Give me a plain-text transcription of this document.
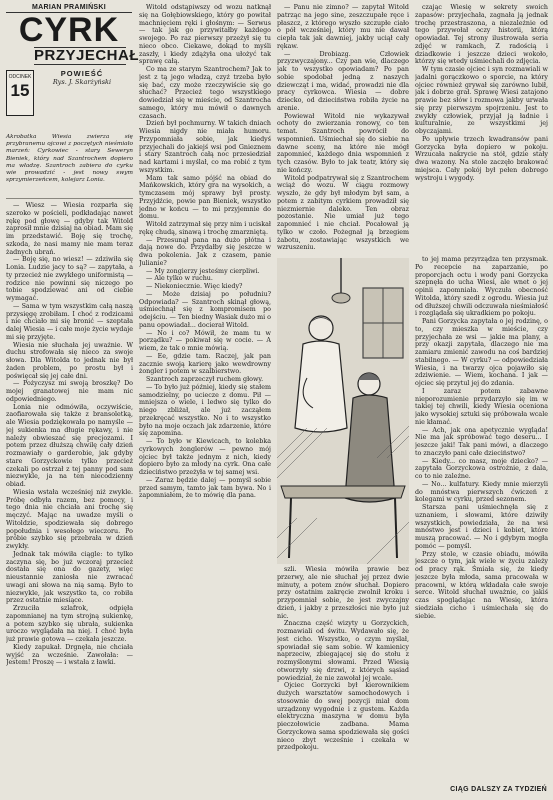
MARIAN PRAMIŃSKI
CYRK
PRZYJECHAŁ
ODCINEK
15
POWIEŚĆ
Rys. J. Skarżyński
Akrobatka Wiesia zwierza się przybranemu ojcowi z poczętych nieśmiało marzeń: Cyrkowiec - stary Seweryn Bieniek, który nad Szantrochem dopiero ma władzę. Szantroch zabiera do cyrku wie prowadzić - jest nowy swym sprzymierzeńcem, kolejarz Lonia.

— Wiesz — Wiesia rozparła się szeroko w pościeli, podkładając nawet rękę pod głowę — gdyby tak Witold zaprosił mnie dzisiaj na obiad. Mam się im przedstawić. Boję się trochę, szkoda, że nasi mamy nie mam teraz żadnych ubrań.

— Boję się, no wiesz! — zdziwiła się Lonia. Ludzie jacy to są? — zapytała, a ty przecież nie zwykłego uniformistą — rodzice nie powinni się niczego po tobie spodziewać ani od ciebie wymagać.

— Sama w tym wszystkim całą naszą przysięgę zrobiłam. I choć z rodzicami i nie chciało mi się bronić — szeptała dalej Wiesia — i całe moje życie wydaje mi się przyjęte.

Wiesia nie słuchała jej uważnie. W duchu strofowała się nieco za swoje słowa. Dla Witolda to jednak nie był żaden problem, po prostu był i poświęcał się jej całe dni.

— Pożyczysz mi swoją broszkę? Do mojej granatowej nie mam nic odpowiedniego.

Lonia nie odmówiła, oczywiście, zaofiarowała się także z bransoletką, ale Wiesia podziękowała po namyśle — jej sukienka ma długie rękawy, i nie należy obwieszać się precjozami. I potem przez dłuższą chwilę cały dzień rozmawiały o garderobie, jak gdyby stare Gorzyckowie tylko przecież czekali po ostrzał z tej panny pod sam niezwykle, ja na ten niecodzienny obiad.

Wiesia wstała wcześniej niż zwykle. Próbę odbyła razem, bez pomocy, i tego dnia nie chciała ani trochę się męczyć. Mając na uwadze myśli o Witoldzie, spodziewała się dobrego popołudnia i wesołego wieczoru. Po próbie szybko się przebrała w dzień zwykły.

Jednak tak mówiła ciągle: to tylko zaczyna się, bo już wczoraj przecież dostała się ona do gazety, więc nieustannie zaniosła nie zwracać uwagi ani słowa na nią samą. Było to niezwykle, jak wszystko ta, co robiła przez ostatnie miesiące.

Zrzuciła szlafrok, odpięła zapomnianej na tym strojną sukienkę, a potem szybko się ubrała, sukienka uroczo wyglądała na niej. I choć była już prawie gotowa — czekała jeszcze.

Kiedy zapukał. Drgnęła, nie chciała wyjść za wcześnie. Zawołała: — Jestem! Proszę — i wstała z ławki.

Witold odstąpiwszy od wozu natknął się na Gołębiowskiego, który go powitał machnięciem ręki i głośnym: — Serwus — tak jak go przywitałby każdego swojego. Po raz pierwszy przeżył się tu nieco obco. Ciekawe, dokąd to myśli zaszły, i kiedy zdążyła ona ułożyć tak sprawę całą.

Co ma ze starym Szantrochem? Jak to jest z tą jego władzą, czyż trzeba było się bać, czy może rzeczywiście się go słuchać? Przecież tego wszystkiego dowiedział się w mieście, od Szantrocha samego, który mu mówił o dawnych czasach.

Dzień był pochmurny. W takich dniach Wiesia nigdy nie miała humoru. Przypomniała sobie, jak kiedyś przyjechali do jakiejś wsi pod Gnieznem i stary Szantroch całą noc przesiedział nad kartami i myślał, co ma robić z tym wszystkim.

Mam tak samo pójść na obiad do Mańkowskich, który gra na wysokich, a tymczasem mój sprawy był prosty. Przyjdźcie, powie pan Bieniek, wszystko jedno w końcu — to mi przyjemnie do domu.

Witold zatrzymał się przy nim i uciskał rękę chudą, sinawą i trochę zmarzniętą.

— Przesunął pana na dużo płótna i dają nowe do. Przydałby się jeszcze w dwa pokolenia. Jak z czasem, panie Julianie?

— My zongierzy jesteśmy cierpliwi.

— Ale tylko w ruchu.

— Niekoniecznie. Więc kiedy?

— Może dzisiaj po południu? Odpowiada? — Szantroch skinął głową, uśmiechnął się z kompromisem po odejściu. — Ten biedny Wasiak dużo mi o panu opowiadał... docierał Witold.

— No i co? Mówił, że mam tu w porządku? — pokiwał się w cocie. — A wiem, że tak o mnie mówią.

— Ee, gdzie tam. Raczej, jak pan zacznie swoją karierę jako wewdrowny żongler i potem w szalbierstwo.

Szantroch zaprzeczył ruchem głowy.

— To było już później, kiedy się stałem samodzielny, po uciecze z domu. Pił — mniejsza o wiele, i ledwo się tylko do niego zbliżał, ale już zacząłem przekręcać wszystko. No i to wszystko było na moje oczach jak zdarzenie, które się zapomina.

— To było w Kiewicach, to kolebka cyrkowych żonglerów — pewno mój ojciec był także jednym z nich, kiedy dopiero było za młody na cyrk. Ona całe dzieciństwo przeżyła w tej samej wsi.

— Zaraz będzie dalej — pomyśl sobie przed samym, tamto jak tam bywa. No i zapomniałem, że to mówię dla pana.

— Panu nie zimno? — zapytał Witold patrząc na jego sine, zeszczupałe ręce i płaszcz, z którego wyszło szczupłe ciało o pół wcześniej, który mu nie dawał ciepła tak jak dawniej, jakby uciął cały rękaw.

— Drobiazg. Człowiek przyzwyczajony... Czy pan wie, dlaczego jak to wszystko opowiadam? Po pan sobie spodobał jedną z naszych dziewcząt i ma, widać, prowadzi nie dla pracy cyrkowca. Wiesia — dobre dziecko, od dzieciństwa robiła życie na arenie.

Powiewał Witold nie wykazywał ochoty do zwierzania ronowy, co ten temat. Szantroch powrócił do wspomnień. Uśmiechał się do siebie na dawne sceny, na które nie mógł zapomnieć, każdego dnia wspomnień z tych czasów. Było to jak teatr, który się nie kończy.

Witold podpatrywał się z Szantrochem wciąż do wozu. W ciągu rozmowy wyszło, że gdy był młodym był sam, a potem z zabitym cyrkiem prowadził się niezmiernie daleko. Ten obraz pozostanie. Nie umiał już tego zapomnieć i nie chciał. Pocałował ją tylko w czoło. Pożegnał ją brzegiem żabotu, zostawiając wszystkich we wzruszeniu.

czając Wiesię w sekrety swoich zapasów: przyjechała, zagnała ją jednak trochę przestraszona, a niezależnie od tego przywołał oczy historii, którą opowiadał. Tej strony ilustrowała seria zdjęć w ramkach, Z radością i dziadkowie i jeszcze dzieci wokoło, którzy się wtedy uśmiechali do zdjęcia.

W tym czasie ojciec i syn rozmawiali w jadalni gorączkowo o sporcie, na który ojciec również grywał się zarówno lubił, jak i dobrze grał. Sprawę Wiesi zatajono prawie bez słów i rozmowa jakby urwała się przy pierwszym spojrzeniu. Jest to zwykły człowiek, przyjął ją ładnie i kulturalnie, ze wszystkimi jej obyczajami.

Po upływie trzech kwadransów pani Gorzycka była dopiero w pokoju. Wrzucała nakrycie na stół, gdzie stały dwa wazony. Na stole zaczęło brakować miejsca. Cały pokój był pełen dobrego wystroju i wygody.

to jej mama przyrządza ten przysmak. Po recepcie na zaparzanie, po proporcjach octu i wody pani Gorzycka szepnęła do ucha Wiesi, ale wnet o jej opinii zapomniała. Wyczuła obecność Witolda, który szedł z ogrodu. Wiesia już od dłuższej chwili odczuwała nieśmiałość i rozglądała się ukradkiem po pokoju.

Pani Gorzycka zapytała o jej rodzinę, o to, czy mieszka w mieście, czy przyjechała ze wsi — jakie ma plany, a przy okazji zapytała, dlaczego nie ma zamiaru zmienić zawodu na coś bardziej stabilnego. — W cyrku? — odpowiedziała Wiesia, i na twarzy ojca pojawiło się zdziwienie. — Wiem, kochana. I jak — ojciec się przytul jej do zdania.

I zaraz potem zabawne nieporozumienie przydarzyło się im w takiej tej chwili, kiedy Wiesia oceniona jako wysokiej sztuki się próbowała wcale nie kłamać.

— Ach, jak ona apetycznie wygląda! Nie ma jak spróbować tego deseru... I jeszcze jaki! Tak pani mówi, a dlaczego to znaczyło pani całe dzieciństwo?

— Kiedy... co masz, moje dziecko? — zapytała Gorzyckowa ostrożnie, z dala, co to nie zależne.

— No... kulfatury. Kiedy mnie mierzyli do mnóstwa pierwszych ćwiczeń z kolegami w cyrku, przed sezonem.

Starsza pani uśmiechnęła się z uznaniem, i słowami, które dziwiły wszystkich, powiedziała, że na wsi mnóstwo jest i dzieci i kobiet, które muszą pracować. — No i gdybym mogła pomóc — pomyśl.

Przy stole, w czasie obiadu, mówiła jeszcze o tym, jak wiele w życiu zależy od pracy rąk. Śmiała się, że kiedy jeszcze była młoda, sama pracowała w pracowni, w którą wkładała całe swoje serce. Witold słuchał uważnie, co jakiś czas spoglądając na Wiesię, która siedziała cicho i uśmiechała się do siebie.

szli. Wiesia mówiła prawie bez przerwy, ale nie słuchał jej przez dwie minuty, a potem znów słuchał. Dopiero przy ostatnim zakręcie zwolnił kroku i przypomniał sobie, że jest zwyczajny dzień, i jakby z przeszłości nie było już nic.

Znaczna część wizyty u Gorzyckich, rozmawiali od świtu. Wydawało się, że jest cicho. Wszystko, o czym myślał, spowiadał się sam sobie. W kamienicy naprzeciw, zbiegającej się do stołu z rozmyślonymi słowami. Przed Wiesią otworzyły się drzwi, z których sąsiad powiedział, że nie zawołał jej wcale.

Ojciec Gorzycki był kierownikiem dużych warsztatów samochodowych i stosownie do swej pozycji miał dom urządzony wygodnie i z gustem. Każda elektryczna maszyna w domu była pieczołowicie zadbana. Mama Gorzyckowa sama spodziewała się gości nieco zbyt wcześnie i czekała w przedpokoju.

CIĄG DALSZY ZA TYDZIEŃ
